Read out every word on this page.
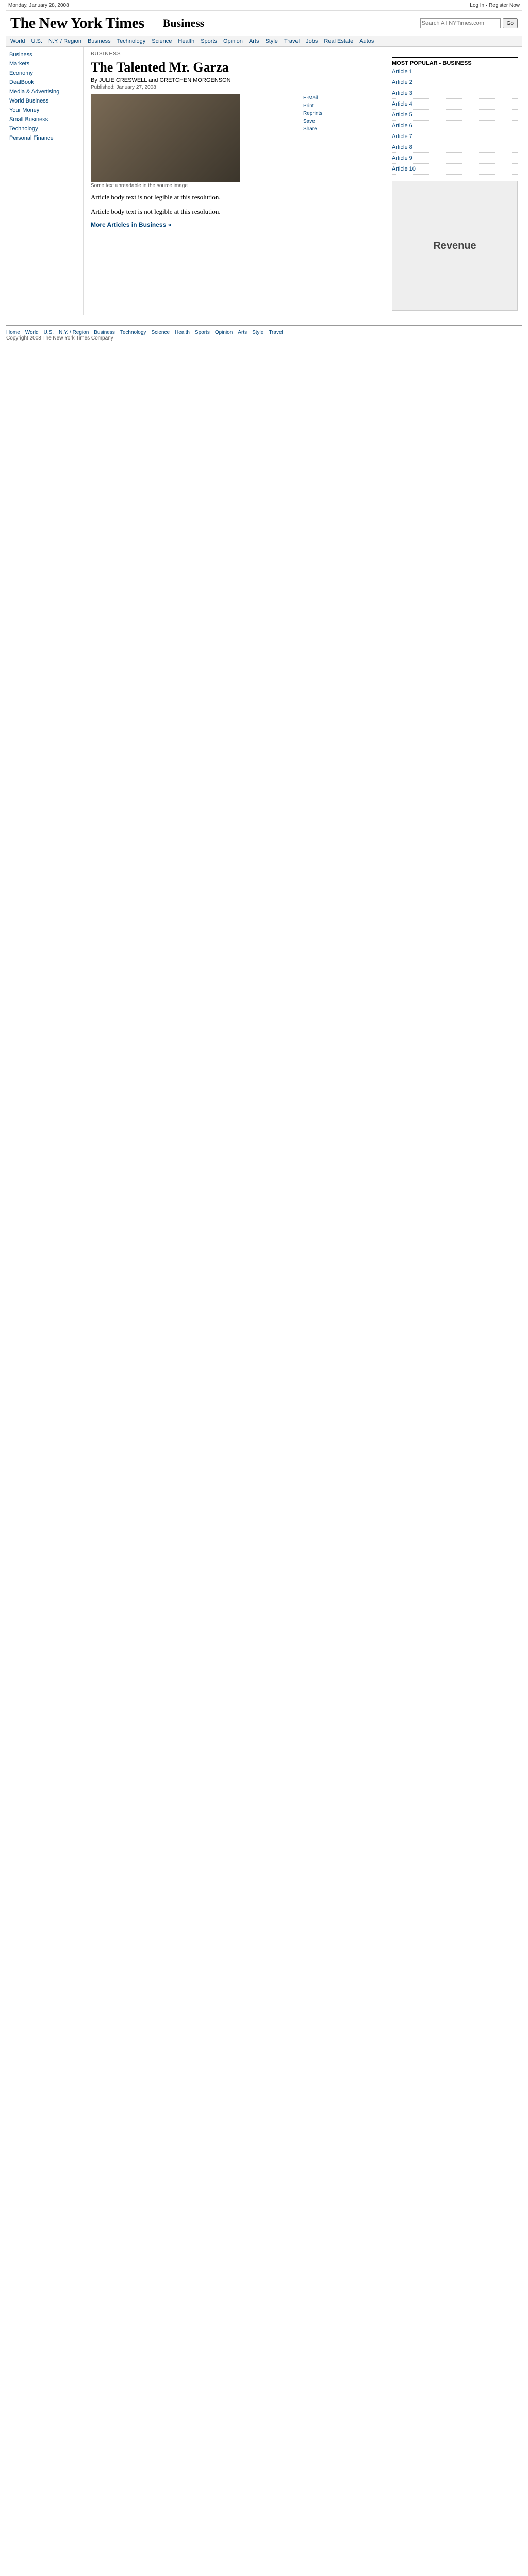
Monday, January 28, 2008	Log In · Register Now
The New York Times Business
Search All NYTimes.com	Go
World U.S. N.Y. / Region Business Technology Science Health Sports Opinion Arts Style Travel Jobs Real Estate Autos
Business
Markets
Economy
DealBook
Media & Advertising
World Business
Your Money
Small Business
Technology
Personal Finance
BUSINESS
The Talented Mr. Garza
By JULIE CRESWELL and GRETCHEN MORGENSON
Published: January 27, 2008
E-Mail
Print
Reprints
Save
Share
Some text unreadable in the source image

Article body text is not legible at this resolution.

Article body text is not legible at this resolution.

More Articles in Business »
MOST POPULAR - BUSINESS
Article 1
Article 2
Article 3
Article 4
Article 5
Article 6
Article 7
Article 8
Article 9
Article 10
Revenue
Home World U.S. N.Y. / Region Business Technology Science Health Sports Opinion Arts Style Travel
Copyright 2008 The New York Times Company
